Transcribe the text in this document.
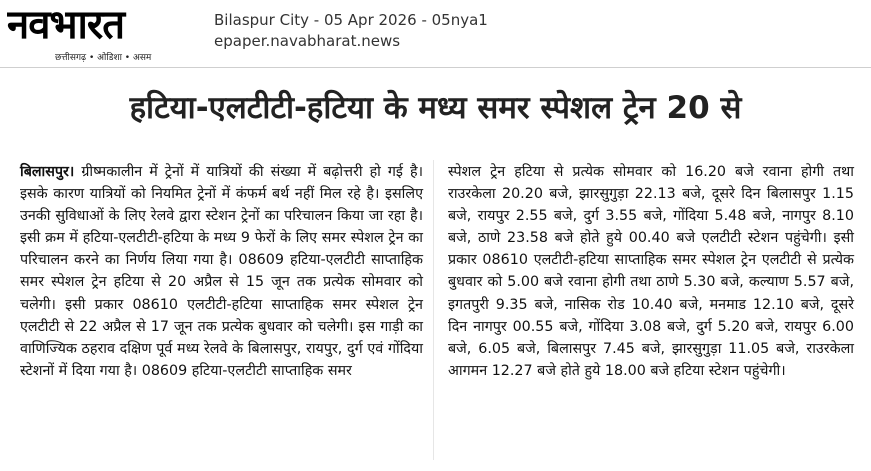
नवभारत
छत्तीसगढ़ • ओडिशा • असम
Bilaspur City - 05 Apr 2026 - 05nya1
epaper.navabharat.news
हटिया-एलटीटी-हटिया के मध्य समर स्पेशल ट्रेन 20 से
बिलासपुर। ग्रीष्मकालीन में ट्रेनों में यात्रियों की संख्या में बढ़ोत्तरी हो गई है। इसके कारण यात्रियों को नियमित ट्रेनों में कंफर्म बर्थ नहीं मिल रहे है। इसलिए उनकी सुविधाओं के लिए रेलवे द्वारा स्टेशन ट्रेनों का परिचालन किया जा रहा है। इसी क्रम में हटिया-एलटीटी-हटिया के मध्य 9 फेरों के लिए समर स्पेशल ट्रेन का परिचालन करने का निर्णय लिया गया है। 08609 हटिया-एलटीटी साप्ताहिक समर स्पेशल ट्रेन हटिया से 20 अप्रैल से 15 जून तक प्रत्येक सोमवार को चलेगी। इसी प्रकार 08610 एलटीटी-हटिया साप्ताहिक समर स्पेशल ट्रेन एलटीटी से 22 अप्रैल से 17 जून तक प्रत्येक बुधवार को चलेगी। इस गाड़ी का वाणिज्यिक ठहराव दक्षिण पूर्व मध्य रेलवे के बिलासपुर, रायपुर, दुर्ग एवं गोंदिया स्टेशनों में दिया गया है। 08609 हटिया-एलटीटी साप्ताहिक समर
स्पेशल ट्रेन हटिया से प्रत्येक सोमवार को 16.20 बजे रवाना होगी तथा राउरकेला 20.20 बजे, झारसुगुड़ा 22.13 बजे, दूसरे दिन बिलासपुर 1.15 बजे, रायपुर 2.55 बजे, दुर्ग 3.55 बजे, गोंदिया 5.48 बजे, नागपुर 8.10 बजे, ठाणे 23.58 बजे होते हुये 00.40 बजे एलटीटी स्टेशन पहुंचेगी। इसी प्रकार 08610 एलटीटी-हटिया साप्ताहिक समर स्पेशल ट्रेन एलटीटी से प्रत्येक बुधवार को 5.00 बजे रवाना होगी तथा ठाणे 5.30 बजे, कल्याण 5.57 बजे, इगतपुरी 9.35 बजे, नासिक रोड 10.40 बजे, मनमाड 12.10 बजे, दूसरे दिन नागपुर 00.55 बजे, गोंदिया 3.08 बजे, दुर्ग 5.20 बजे, रायपुर 6.00 बजे, 6.05 बजे, बिलासपुर 7.45 बजे, झारसुगुड़ा 11.05 बजे, राउरकेला आगमन 12.27 बजे होते हुये 18.00 बजे हटिया स्टेशन पहुंचेगी।
